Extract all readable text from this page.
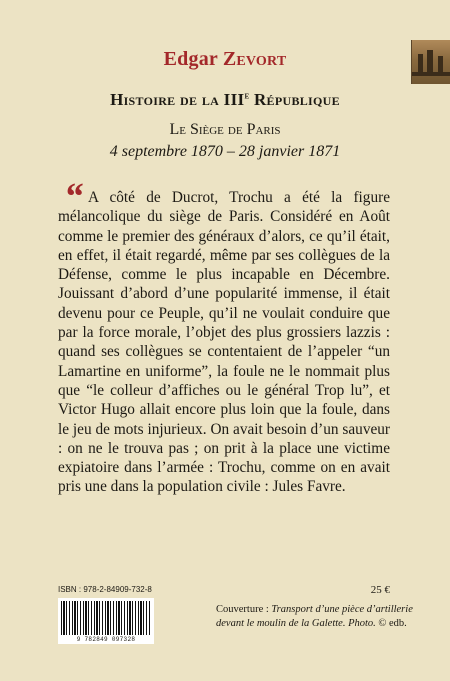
Edgar Zevort
Histoire de la IIIe République
Le Siège de Paris
4 septembre 1870 – 28 janvier 1871
“ A côté de Ducrot, Trochu a été la figure mélancolique du siège de Paris. Considéré en Août comme le premier des généraux d’alors, ce qu’il était, en effet, il était regardé, même par ses collègues de la Défense, comme le plus incapable en Décembre. Jouissant d’abord d’une popularité immense, il était devenu pour ce Peuple, qu’il ne voulait conduire que par la force morale, l’objet des plus grossiers lazzis : quand ses collègues se contentaient de l’appeler “un Lamartine en uniforme”, la foule ne le nommait plus que “le colleur d’affiches ou le général Trop lu”, et Victor Hugo allait encore plus loin que la foule, dans le jeu de mots injurieux. On avait besoin d’un sauveur : on ne le trouva pas ; on prit à la place une victime expiatoire dans l’armée : Trochu, comme on en avait pris une dans la population civile : Jules Favre.

ISBN : 978-2-84909-732-8
9 782849 097328
25 €
Couverture : Transport d’une pièce d’artillerie devant le moulin de la Galette. Photo. © edb.
